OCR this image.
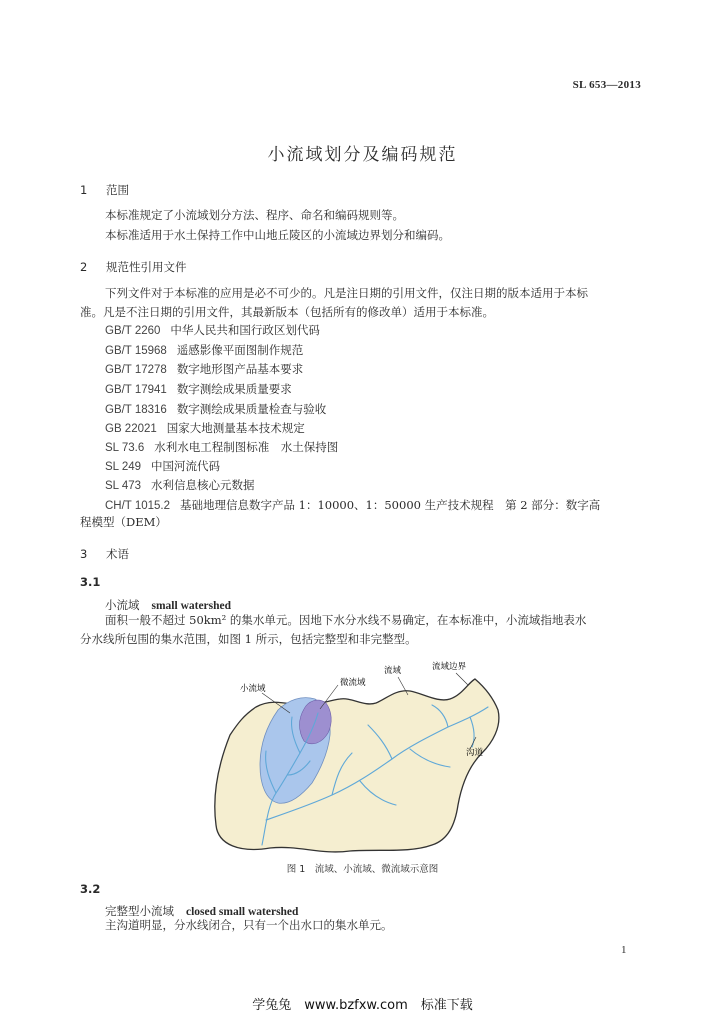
SL 653—2013
小流域划分及编码规范
1 范围
本标准规定了小流域划分方法、程序、命名和编码规则等。
本标准适用于水土保持工作中山地丘陵区的小流域边界划分和编码。
2 规范性引用文件
下列文件对于本标准的应用是必不可少的。凡是注日期的引用文件，仅注日期的版本适用于本标
准。凡是不注日期的引用文件，其最新版本（包括所有的修改单）适用于本标准。
GB/T 2260 中华人民共和国行政区划代码
GB/T 15968 遥感影像平面图制作规范
GB/T 17278 数字地形图产品基本要求
GB/T 17941 数字测绘成果质量要求
GB/T 18316 数字测绘成果质量检查与验收
GB 22021 国家大地测量基本技术规定
SL 73.6 水利水电工程制图标准　水土保持图
SL 249 中国河流代码
SL 473 水利信息核心元数据
CH/T 1015.2 基础地理信息数字产品 1：10000、1：50000 生产技术规程　第 2 部分：数字高
程模型（DEM）
3 术语
3.1
小流域 small watershed
面积一般不超过 50km² 的集水单元。因地下水分水线不易确定，在本标准中，小流域指地表水
分水线所包围的集水范围，如图 1 所示，包括完整型和非完整型。
小流域
微流域
流域	流域边界
沟道
图 1　流域、小流域、微流域示意图
3.2
完整型小流域 closed small watershed
主沟道明显，分水线闭合，只有一个出水口的集水单元。
1
学兔兔　www.bzfxw.com　标准下载
